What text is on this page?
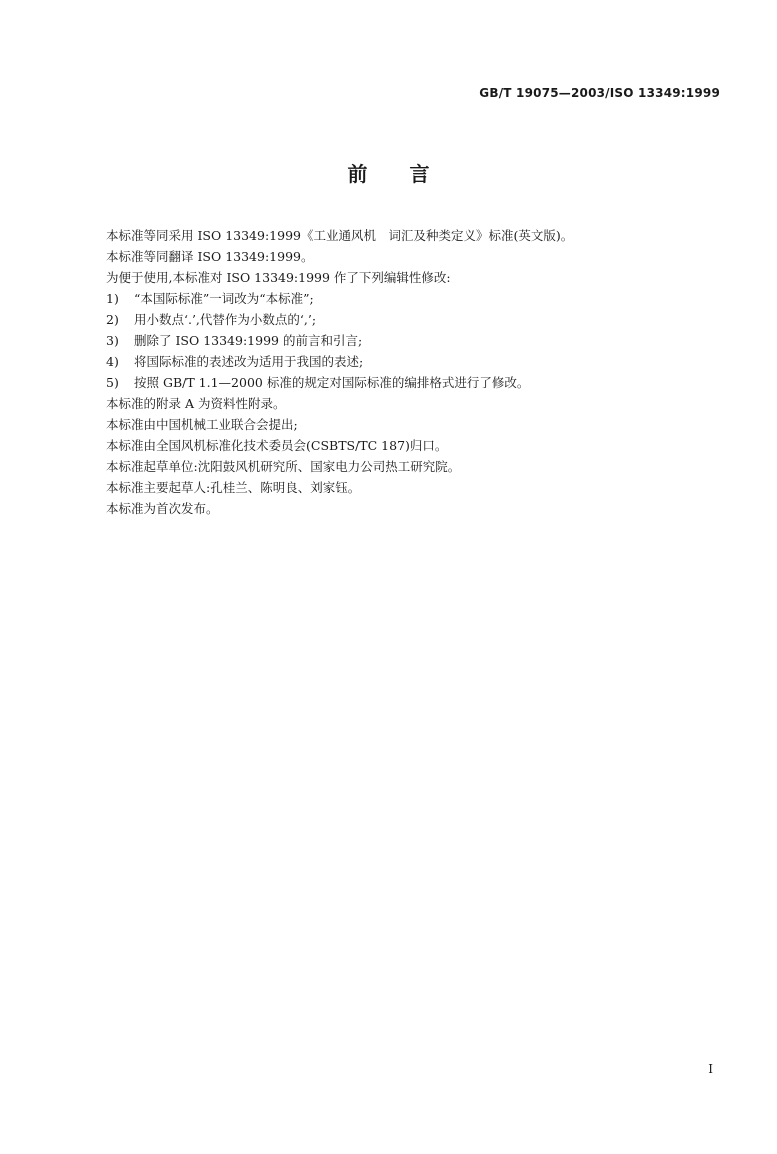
GB/T 19075—2003/ISO 13349:1999
前言
本标准等同采用 ISO 13349:1999《工业通风机　词汇及种类定义》标准(英文版)。
本标准等同翻译 ISO 13349:1999。
为便于使用,本标准对 ISO 13349:1999 作了下列编辑性修改:
1)	“本国际标准”一词改为“本标准”;
2)	用小数点‘.’,代替作为小数点的‘,’;
3)	删除了 ISO 13349:1999 的前言和引言;
4)	将国际标准的表述改为适用于我国的表述;
5)	按照 GB/T 1.1—2000 标准的规定对国际标准的编排格式进行了修改。
本标准的附录 A 为资料性附录。
本标准由中国机械工业联合会提出;
本标准由全国风机标准化技术委员会(CSBTS/TC 187)归口。
本标准起草单位:沈阳鼓风机研究所、国家电力公司热工研究院。
本标准主要起草人:孔桂兰、陈明良、刘家钰。
本标准为首次发布。
I
